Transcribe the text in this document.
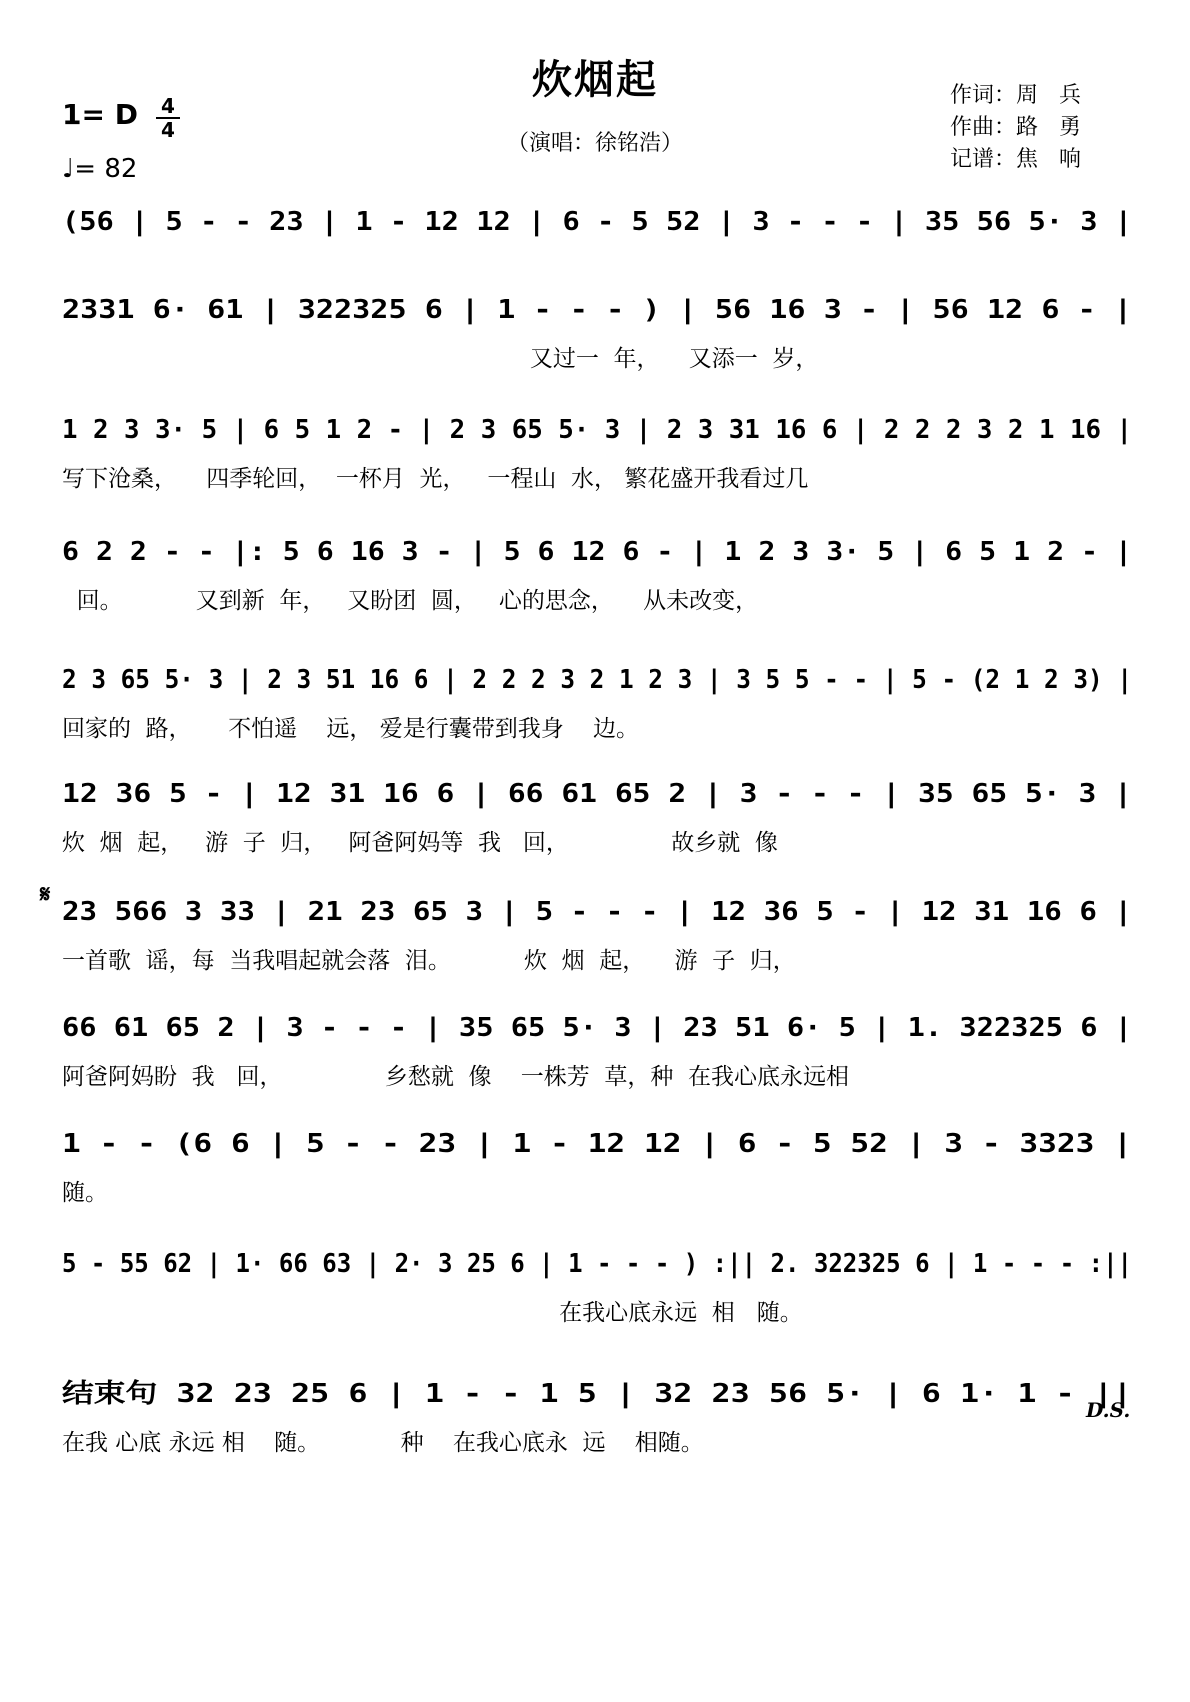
炊烟起
（演唱：徐铭浩）
1= D 4
4
♩= 82
作词：周   兵
作曲：路   勇
记谱：焦   响
(56 | 5 - - 23 | 1 - 12 12 | 6 - 5 52 | 3 - - - | 35 56 5· 3 |
2331 6· 61 | 322325 6 | 1 - - - ) | 56 16 3 - | 56 12 6 - |
又过一  年，    又添一  岁，
1 2 3 3· 5 | 6 5 1 2 - | 2 3 65 5· 3 | 2 3 31 16 6 | 2 2 2 3 2 1 16 |
写下沧桑，    四季轮回，  一杯月  光，   一程山  水， 繁花盛开我看过几
6 2 2 - - |: 5 6 16 3 - | 5 6 12 6 - | 1 2 3 3· 5 | 6 5 1 2 - |
回。          又到新  年，   又盼团  圆，   心的思念，    从未改变，
2 3 65 5· 3 | 2 3 51 16 6 | 2 2 2 3 2 1 2 3 | 3 5 5 - - | 5 - (2 1 2 3) |
回家的  路，     不怕遥    远， 爱是行囊带到我身    边。
12 36 5 - | 12 31 16 6 | 66 61 65 2 | 3 - - - | 35 65 5· 3 |
炊  烟  起，   游  子  归，   阿爸阿妈等  我   回，              故乡就  像
23 566 3 33 | 21 23 65 3 | 5 - - - | 12 36 5 - | 12 31 16 6 |
一首歌  谣，每  当我唱起就会落  泪。          炊  烟  起，    游  子  归，
66 61 65 2 | 3 - - - | 35 65 5· 3 | 23 51 6· 5 | 1. 322325 6 |
阿爸阿妈盼  我   回，              乡愁就  像    一株芳  草，种  在我心底永远相
1 - - (6 6 | 5 - - 23 | 1 - 12 12 | 6 - 5 52 | 3 - 3323 |
随。
5 - 55 62 | 1· 66 63 | 2· 3 25 6 | 1 - - - ) :|| 2. 322325 6 | 1 - - - :||
在我心底永远  相   随。
结束句 32 23 25 6 | 1 - - 1 5 | 32 23 56 5· | 6 1· 1 - ||
在我 心底 永远 相    随。           种    在我心底永  远    相随。
𝄋
D.S.
